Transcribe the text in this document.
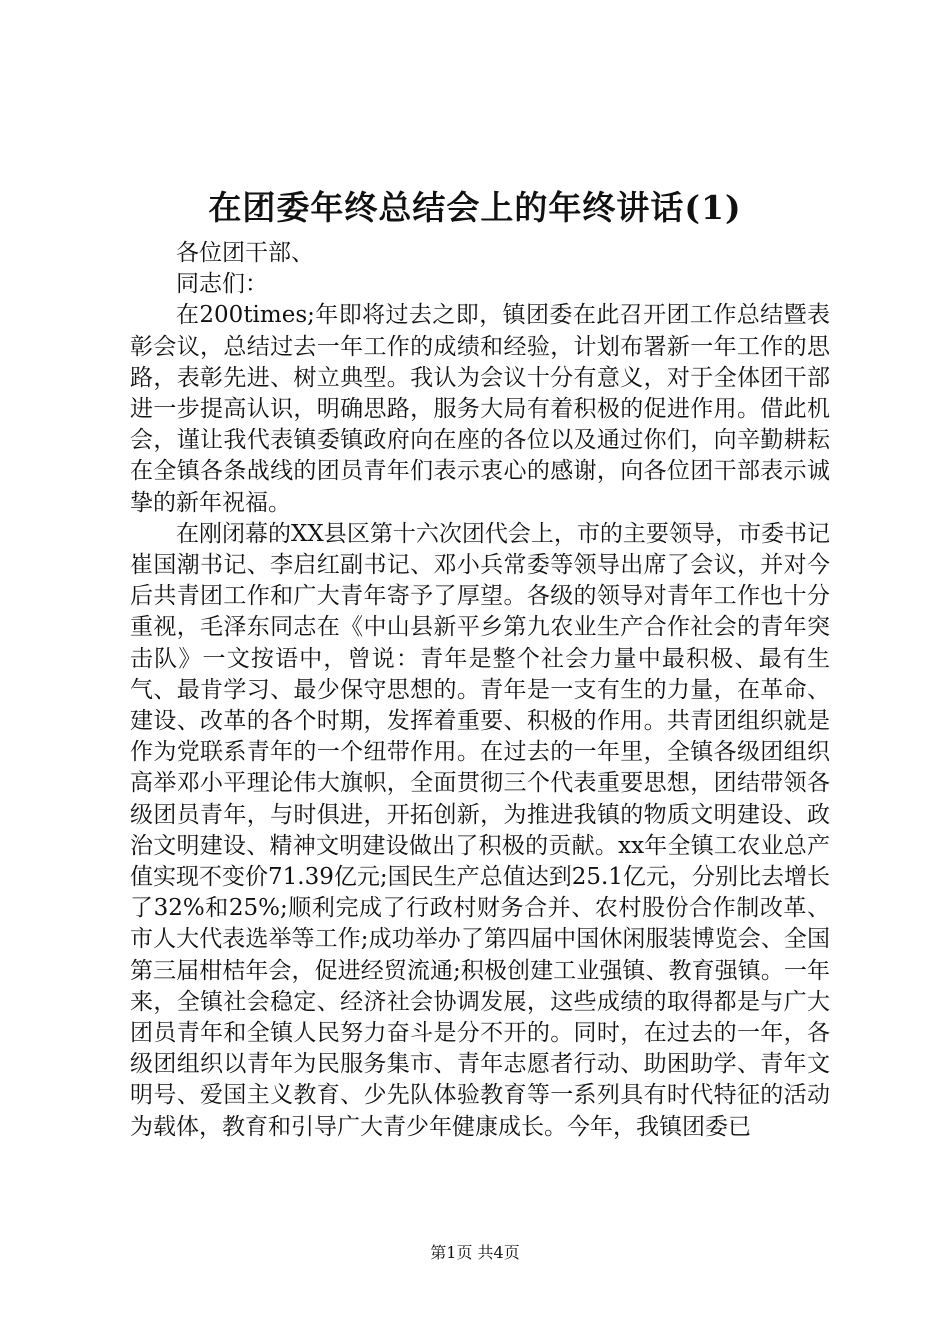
在团委年终总结会上的年终讲话(1)

各位团干部、

同志们：

在200times;年即将过去之即，镇团委在此召开团工作总结暨表彰会议，总结过去一年工作的成绩和经验，计划布署新一年工作的思路，表彰先进、树立典型。我认为会议十分有意义，对于全体团干部进一步提高认识，明确思路，服务大局有着积极的促进作用。借此机会，谨让我代表镇委镇政府向在座的各位以及通过你们，向辛勤耕耘在全镇各条战线的团员青年们表示衷心的感谢，向各位团干部表示诚挚的新年祝福。

在刚闭幕的XX县区第十六次团代会上，市的主要领导，市委书记崔国潮书记、李启红副书记、邓小兵常委等领导出席了会议，并对今后共青团工作和广大青年寄予了厚望。各级的领导对青年工作也十分重视，毛泽东同志在《中山县新平乡第九农业生产合作社会的青年突击队》一文按语中，曾说：青年是整个社会力量中最积极、最有生气、最肯学习、最少保守思想的。青年是一支有生的力量，在革命、建设、改革的各个时期，发挥着重要、积极的作用。共青团组织就是作为党联系青年的一个纽带作用。在过去的一年里，全镇各级团组织高举邓小平理论伟大旗帜，全面贯彻三个代表重要思想，团结带领各级团员青年，与时俱进，开拓创新，为推进我镇的物质文明建设、政治文明建设、精神文明建设做出了积极的贡献。xx年全镇工农业总产值实现不变价71.39亿元;国民生产总值达到25.1亿元，分别比去增长了32%和25%;顺利完成了行政村财务合并、农村股份合作制改革、市人大代表选举等工作;成功举办了第四届中国休闲服装博览会、全国第三届柑桔年会，促进经贸流通;积极创建工业强镇、教育强镇。一年来，全镇社会稳定、经济社会协调发展，这些成绩的取得都是与广大团员青年和全镇人民努力奋斗是分不开的。同时，在过去的一年，各级团组织以青年为民服务集市、青年志愿者行动、助困助学、青年文明号、爱国主义教育、少先队体验教育等一系列具有时代特征的活动为载体，教育和引导广大青少年健康成长。今年，我镇团委已

第1页 共4页
